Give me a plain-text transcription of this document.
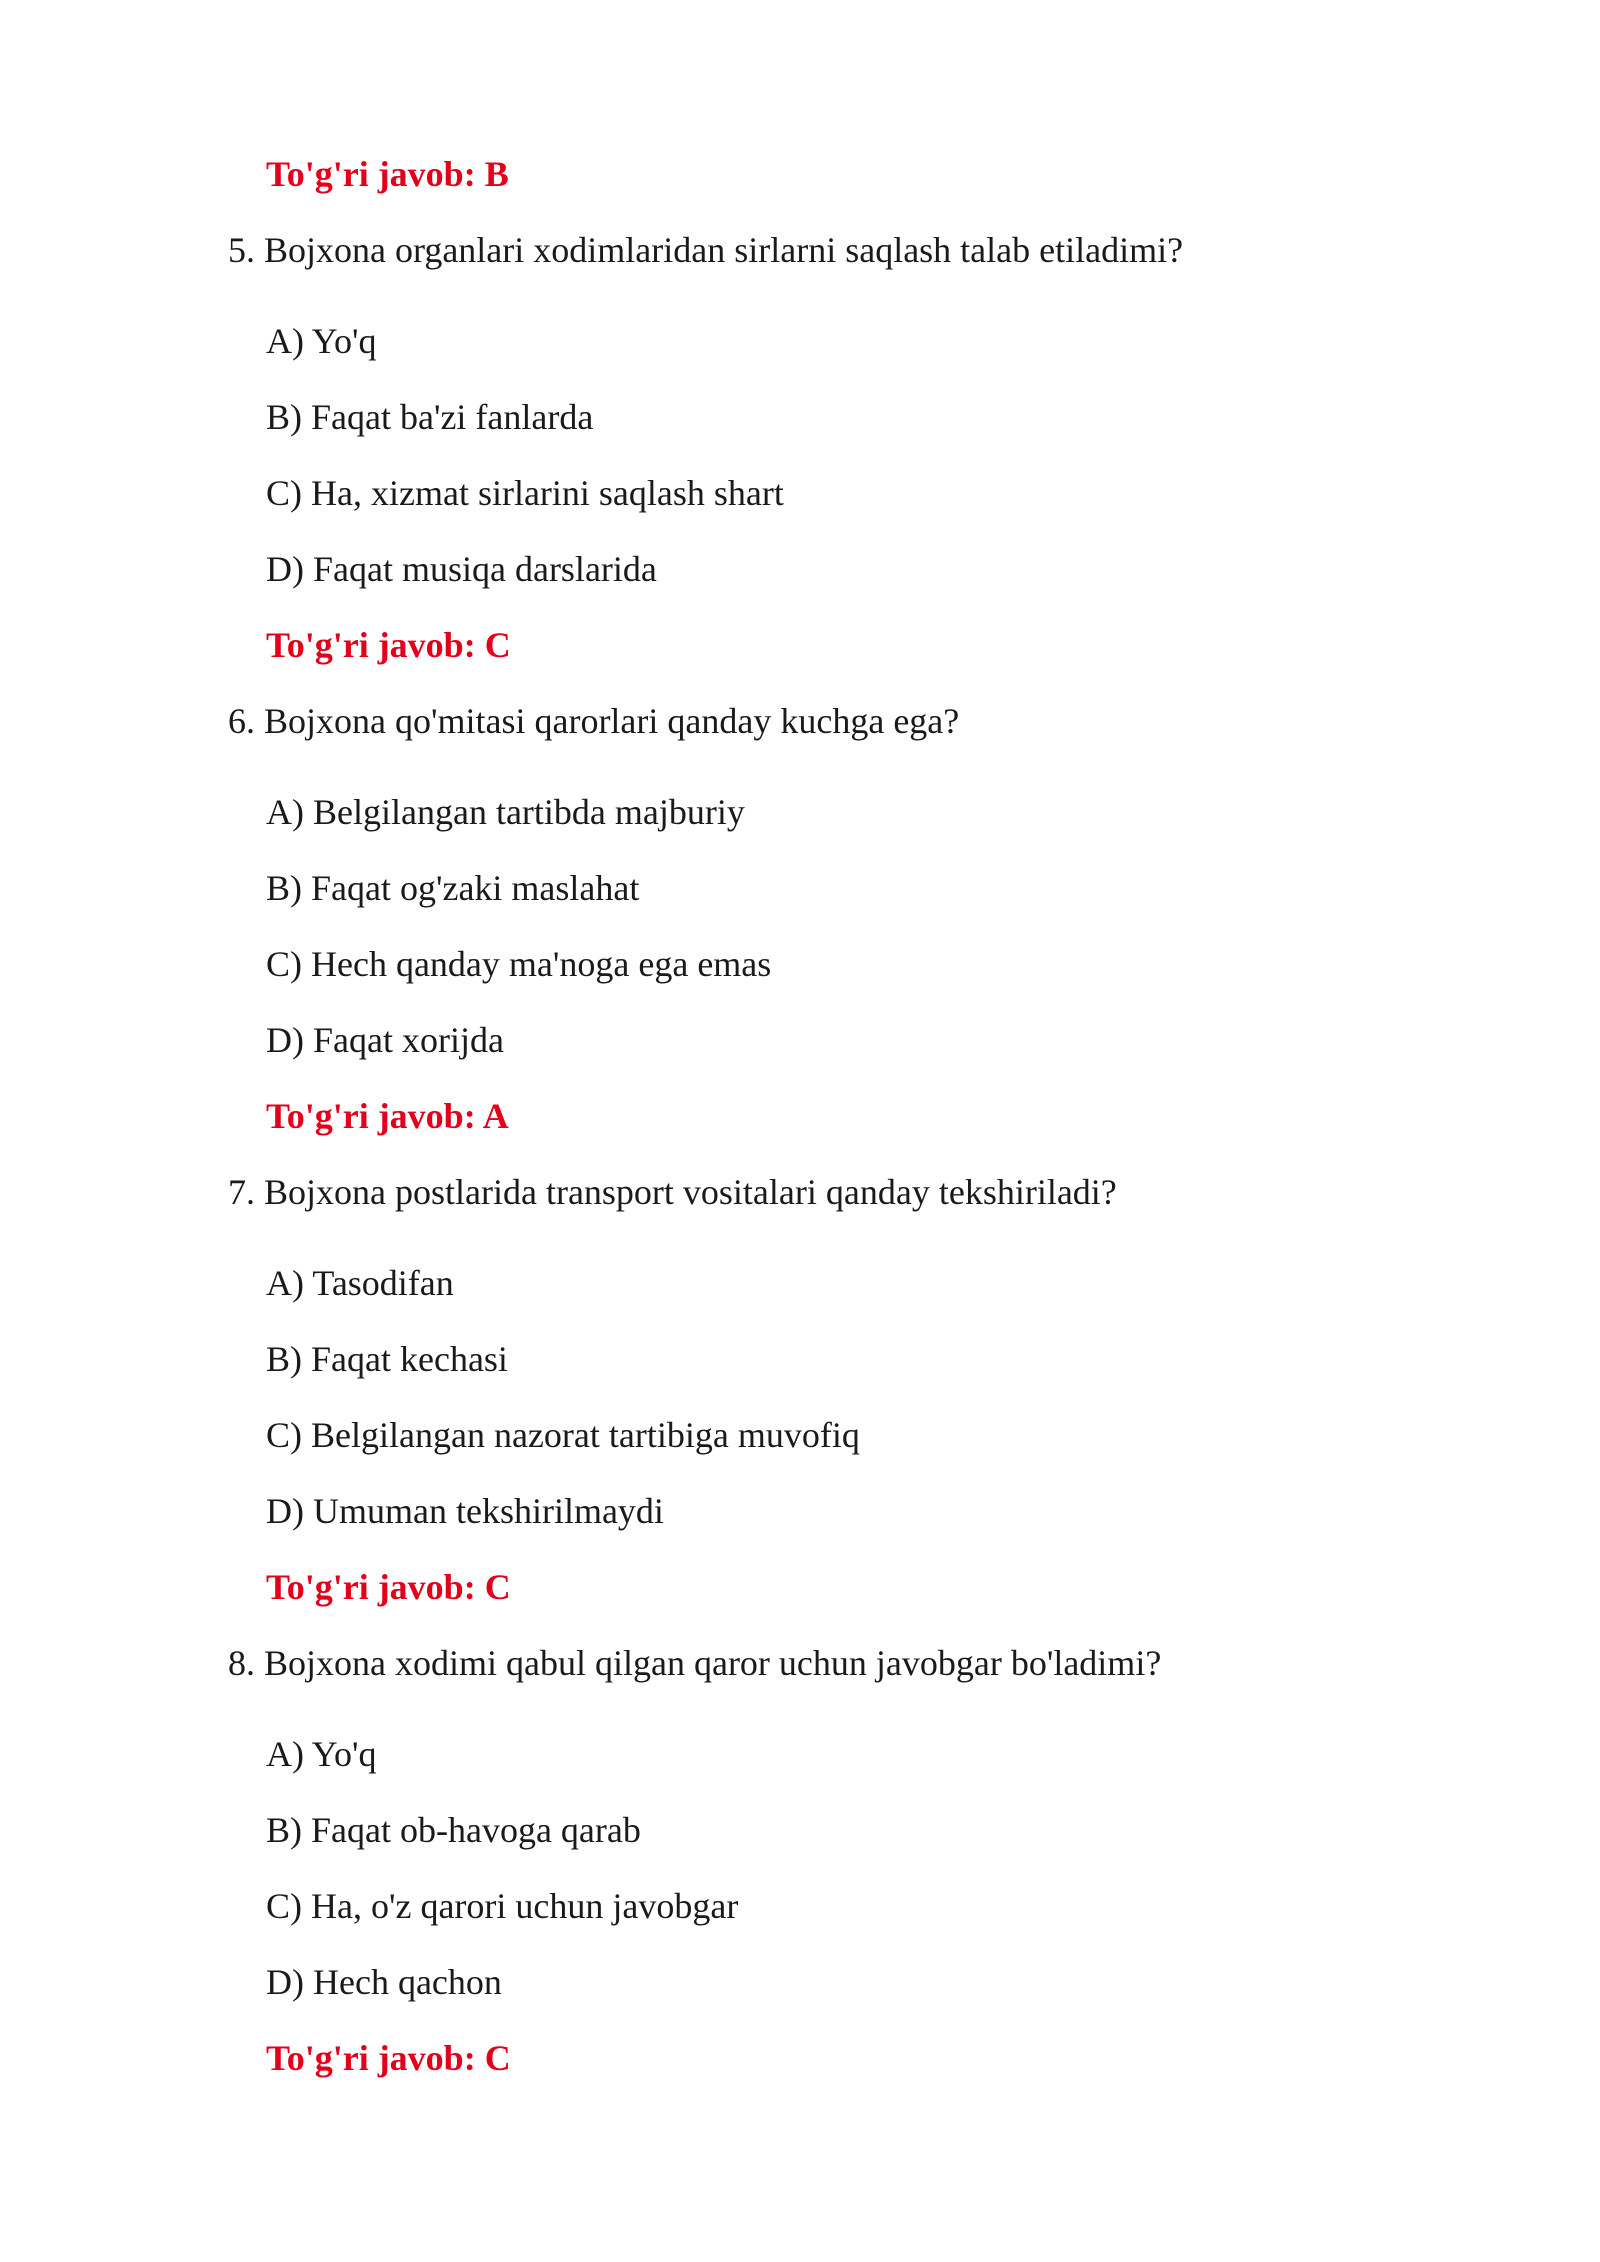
To'g'ri javob: B
5. Bojxona organlari xodimlaridan sirlarni saqlash talab etiladimi?
A) Yo'q
B) Faqat ba'zi fanlarda
C) Ha, xizmat sirlarini saqlash shart
D) Faqat musiqa darslarida
To'g'ri javob: C
6. Bojxona qo'mitasi qarorlari qanday kuchga ega?
A) Belgilangan tartibda majburiy
B) Faqat og'zaki maslahat
C) Hech qanday ma'noga ega emas
D) Faqat xorijda
To'g'ri javob: A
7. Bojxona postlarida transport vositalari qanday tekshiriladi?
A) Tasodifan
B) Faqat kechasi
C) Belgilangan nazorat tartibiga muvofiq
D) Umuman tekshirilmaydi
To'g'ri javob: C
8. Bojxona xodimi qabul qilgan qaror uchun javobgar bo'ladimi?
A) Yo'q
B) Faqat ob-havoga qarab
C) Ha, o'z qarori uchun javobgar
D) Hech qachon
To'g'ri javob: C
